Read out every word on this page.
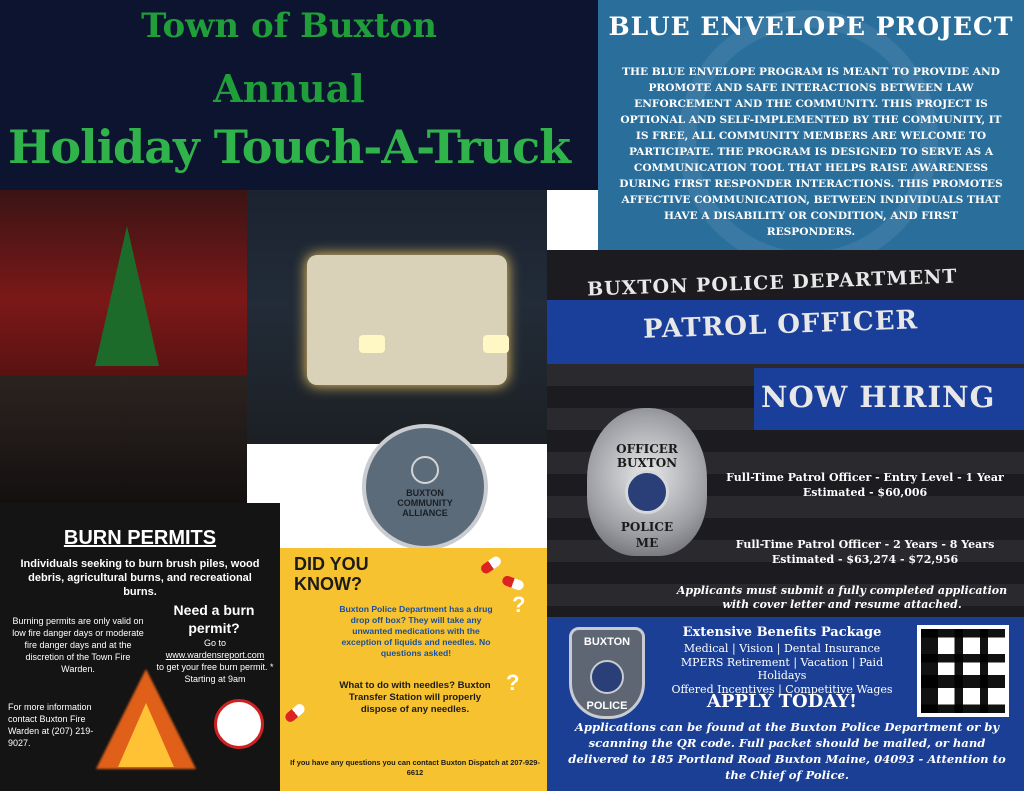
Town of Buxton
Annual
Holiday Touch-A-Truck
BLUE ENVELOPE PROJECT

THE BLUE ENVELOPE PROGRAM IS MEANT TO PROVIDE AND PROMOTE AND SAFE INTERACTIONS BETWEEN LAW ENFORCEMENT AND THE COMMUNITY. THIS PROJECT IS OPTIONAL AND SELF-IMPLEMENTED BY THE COMMUNITY, IT IS FREE, ALL COMMUNITY MEMBERS ARE WELCOME TO PARTICIPATE. THE PROGRAM IS DESIGNED TO SERVE AS A COMMUNICATION TOOL THAT HELPS RAISE AWARENESS DURING FIRST RESPONDER INTERACTIONS. THIS PROMOTES AFFECTIVE COMMUNICATION, BETWEEN INDIVIDUALS THAT HAVE A DISABILITY OR CONDITION, AND FIRST RESPONDERS.

BUXTON
COMMUNITY
ALLIANCE
BURN PERMITS
Individuals seeking to burn brush piles, wood debris, agricultural burns, and recreational burns.
Burning permits are only valid on low fire danger days or moderate fire danger days and at the discretion of the Town Fire Warden.
Need a burn permit?
Go to
www.wardensreport.com
to get your free burn permit. * Starting at 9am
For more information contact Buxton Fire Warden at (207) 219-9027.
DID YOU KNOW?
?
?
Buxton Police Department has a drug drop off box? They will take any unwanted medications with the exception of liquids and needles. No questions asked!
What to do with needles? Buxton Transfer Station will properly dispose of any needles.
If you have any questions you can contact Buxton Dispatch at 207-929-6612
BUXTON POLICE DEPARTMENT
PATROL OFFICER
NOW HIRING
OFFICER
BUXTON
POLICE
ME
Full-Time Patrol Officer - Entry Level - 1 Year
Estimated - $60,006
Full-Time Patrol Officer - 2 Years - 8 Years
Estimated - $63,274 - $72,956
Applicants must submit a fully completed application with cover letter and resume attached.
BUXTON
POLICE
Extensive Benefits Package
Medical | Vision | Dental Insurance
MPERS Retirement | Vacation | Paid Holidays
Offered Incentives | Competitive Wages
APPLY TODAY!
Applications can be found at the Buxton Police Department or by scanning the QR code. Full packet should be mailed, or hand delivered to 185 Portland Road Buxton Maine, 04093 - Attention to the Chief of Police.
